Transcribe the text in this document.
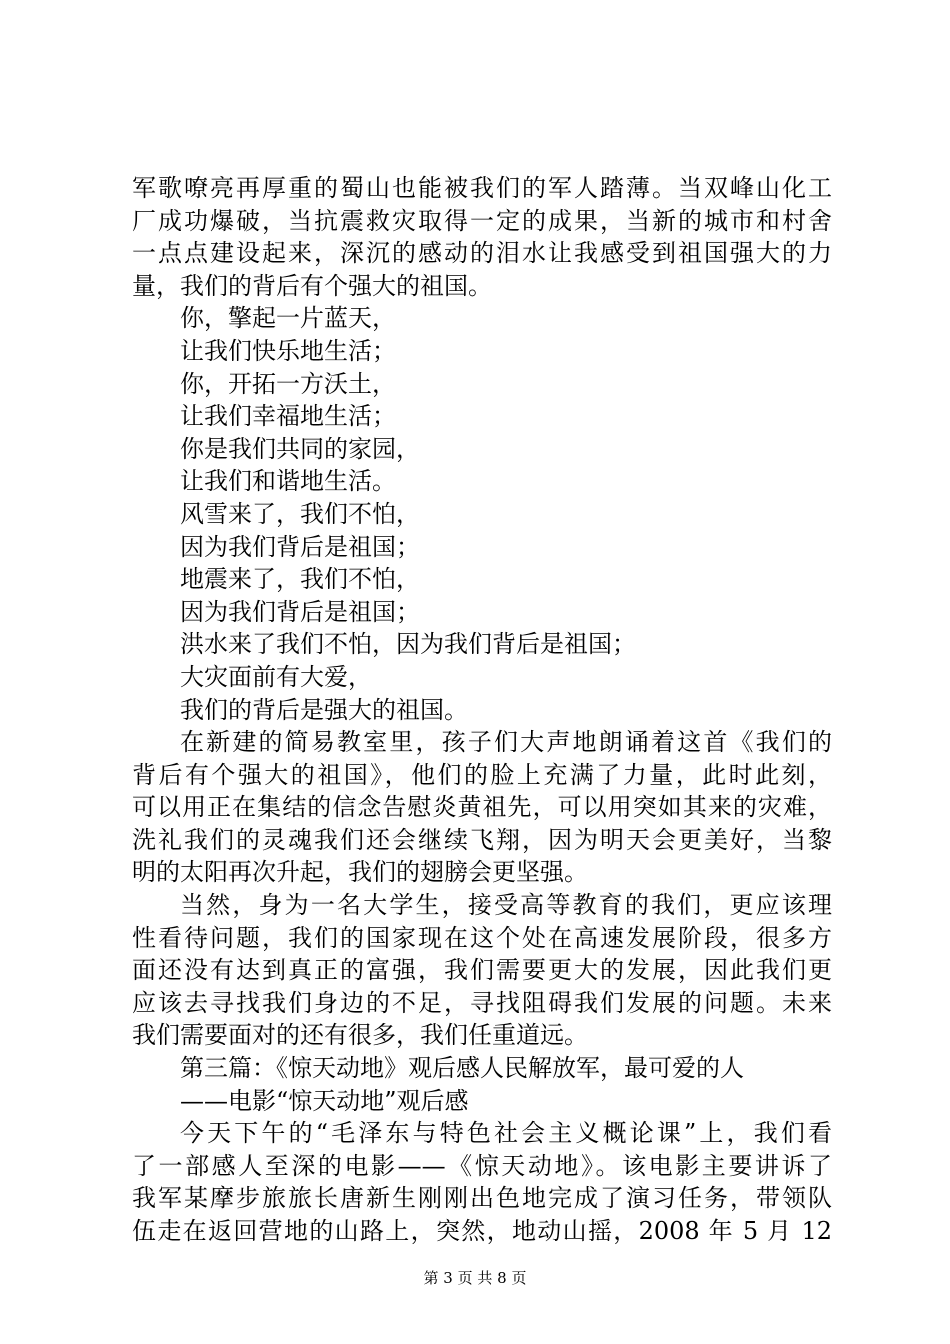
军歌嘹亮再厚重的蜀山也能被我们的军人踏薄。当双峰山化工
厂成功爆破，当抗震救灾取得一定的成果，当新的城市和村舍
一点点建设起来，深沉的感动的泪水让我感受到祖国强大的力
量，我们的背后有个强大的祖国。
你，擎起一片蓝天，
让我们快乐地生活；
你，开拓一方沃土，
让我们幸福地生活；
你是我们共同的家园，
让我们和谐地生活。
风雪来了，我们不怕，
因为我们背后是祖国；
地震来了，我们不怕，
因为我们背后是祖国；
洪水来了我们不怕，因为我们背后是祖国；
大灾面前有大爱，
我们的背后是强大的祖国。
在新建的简易教室里，孩子们大声地朗诵着这首《我们的
背后有个强大的祖国》，他们的脸上充满了力量，此时此刻，
可以用正在集结的信念告慰炎黄祖先，可以用突如其来的灾难，
洗礼我们的灵魂我们还会继续飞翔，因为明天会更美好，当黎
明的太阳再次升起，我们的翅膀会更坚强。
当然，身为一名大学生，接受高等教育的我们，更应该理
性看待问题，我们的国家现在这个处在高速发展阶段，很多方
面还没有达到真正的富强，我们需要更大的发展，因此我们更
应该去寻找我们身边的不足，寻找阻碍我们发展的问题。未来
我们需要面对的还有很多，我们任重道远。
第三篇：《惊天动地》观后感人民解放军，最可爱的人
——电影“惊天动地”观后感
今天下午的“毛泽东与特色社会主义概论课”上，我们看
了一部感人至深的电影——《惊天动地》。该电影主要讲诉了
我军某摩步旅旅长唐新生刚刚出色地完成了演习任务，带领队
伍走在返回营地的山路上，突然，地动山摇，2008 年 5 月 12
第 3 页 共 8 页
